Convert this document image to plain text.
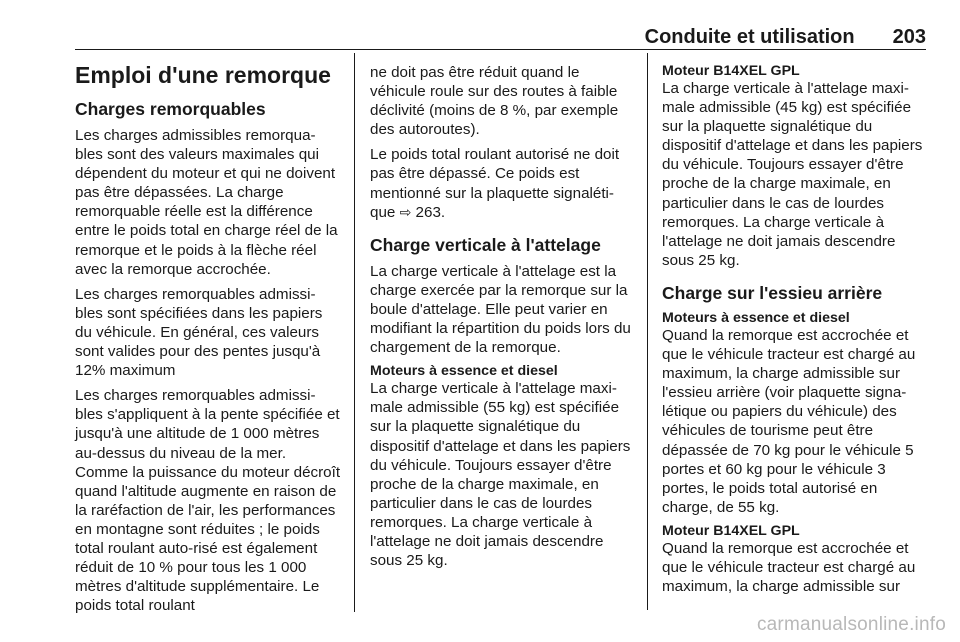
Conduite et utilisation 203
Emploi d'une remorque
Charges remorquables

Les charges admissibles remorqua-bles sont des valeurs maximales qui dépendent du moteur et qui ne doivent pas être dépassées. La charge remorquable réelle est la différence entre le poids total en charge réel de la remorque et le poids à la flèche réel avec la remorque accrochée.

Les charges remorquables admissi-bles sont spécifiées dans les papiers du véhicule. En général, ces valeurs sont valides pour des pentes jusqu'à 12% maximum

Les charges remorquables admissi-bles s'appliquent à la pente spécifiée et jusqu'à une altitude de 1 000 mètres au-dessus du niveau de la mer. Comme la puissance du moteur décroît quand l'altitude augmente en raison de la raréfaction de l'air, les performances en montagne sont réduites ; le poids total roulant auto-risé est également réduit de 10 % pour tous les 1 000 mètres d'altitude supplémentaire. Le poids total roulant

ne doit pas être réduit quand le véhicule roule sur des routes à faible déclivité (moins de 8 %, par exemple des autoroutes).

Le poids total roulant autorisé ne doit pas être dépassé. Ce poids est mentionné sur la plaquette signaléti-que ⇨ 263.

Charge verticale à l'attelage

La charge verticale à l'attelage est la charge exercée par la remorque sur la boule d'attelage. Elle peut varier en modifiant la répartition du poids lors du chargement de la remorque.

Moteurs à essence et diesel

La charge verticale à l'attelage maxi-male admissible (55 kg) est spécifiée sur la plaquette signalétique du dispositif d'attelage et dans les papiers du véhicule. Toujours essayer d'être proche de la charge maximale, en particulier dans le cas de lourdes remorques. La charge verticale à l'attelage ne doit jamais descendre sous 25 kg.

Moteur B14XEL GPL

La charge verticale à l'attelage maxi-male admissible (45 kg) est spécifiée sur la plaquette signalétique du dispositif d'attelage et dans les papiers du véhicule. Toujours essayer d'être proche de la charge maximale, en particulier dans le cas de lourdes remorques. La charge verticale à l'attelage ne doit jamais descendre sous 25 kg.

Charge sur l'essieu arrière
Moteurs à essence et diesel

Quand la remorque est accrochée et que le véhicule tracteur est chargé au maximum, la charge admissible sur l'essieu arrière (voir plaquette signa-létique ou papiers du véhicule) des véhicules de tourisme peut être dépassée de 70 kg pour le véhicule 5 portes et 60 kg pour le véhicule 3 portes, le poids total autorisé en charge, de 55 kg.

Moteur B14XEL GPL

Quand la remorque est accrochée et que le véhicule tracteur est chargé au maximum, la charge admissible sur

carmanualsonline.info
